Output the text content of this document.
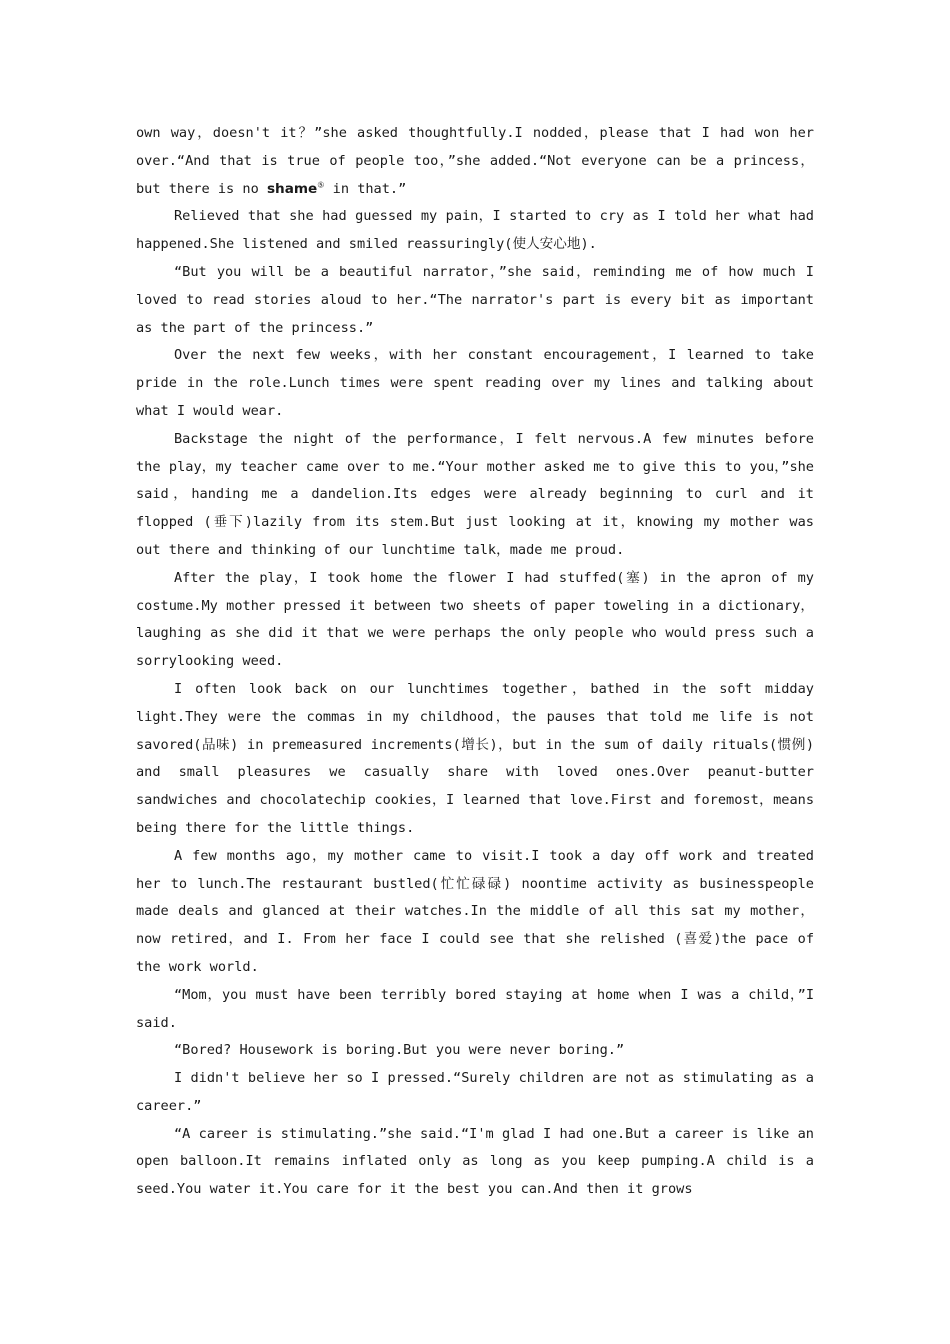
own way，doesn't it？”she asked thoughtfully.I nodded，please that I had won her over.“And that is true of people too，”she added.“Not everyone can be a princess，but there is no shame⑤ in that.”

Relieved that she had guessed my pain，I started to cry as I told her what had happened.She listened and smiled reassuringly(使人安心地).

“But you will be a beautiful narrator，”she said，reminding me of how much I loved to read stories aloud to her.“The narrator's part is every bit as important as the part of the princess.”

Over the next few weeks，with her constant encouragement，I learned to take pride in the role.Lunch times were spent reading over my lines and talking about what I would wear.

Backstage the night of the performance，I felt nervous.A few minutes before the play，my teacher came over to me.“Your mother asked me to give this to you，”she said，handing me a dandelion.Its edges were already beginning to curl and it flopped (垂下)lazily from its stem.But just looking at it，knowing my mother was out there and thinking of our lunchtime talk，made me proud.

After the play，I took home the flower I had stuffed(塞) in the apron of my costume.My mother pressed it between two sheets of paper toweling in a dictionary，laughing as she did it that we were perhaps the only people who would press such a sorrylooking weed.

I often look back on our lunchtimes together，bathed in the soft midday light.They were the commas in my childhood，the pauses that told me life is not savored(品味) in premeasured increments(增长)，but in the sum of daily rituals(惯例) and small pleasures we casually share with loved ones.Over peanut-butter sandwiches and chocolatechip cookies，I learned that love.First and foremost，means being there for the little things.

A few months ago，my mother came to visit.I took a day off work and treated her to lunch.The restaurant bustled(忙忙碌碌) noontime activity as businesspeople made deals and glanced at their watches.In the middle of all this sat my mother，now retired，and I. From her face I could see that she relished (喜爱)the pace of the work world.

“Mom，you must have been terribly bored staying at home when I was a child，”I said.

“Bored? Housework is boring.But you were never boring.”

I didn't believe her so I pressed.“Surely children are not as stimulating as a career.”

“A career is stimulating.”she said.“I'm glad I had one.But a career is like an open balloon.It remains inflated only as long as you keep pumping.A child is a seed.You water it.You care for it the best you can.And then it grows
